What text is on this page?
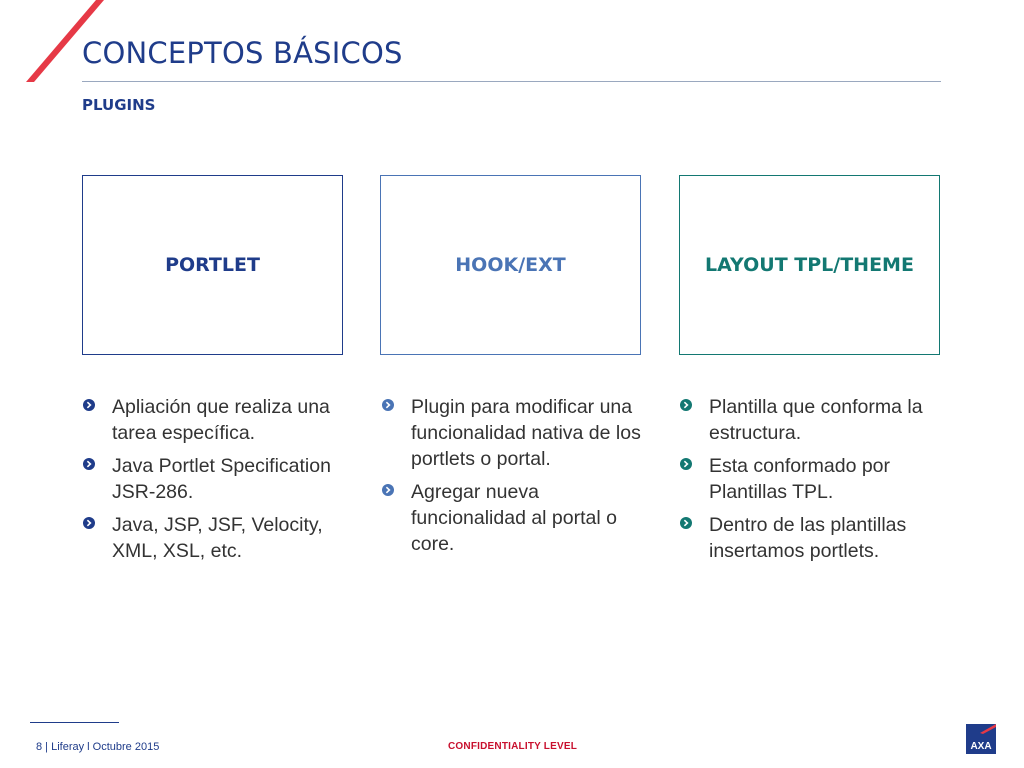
CONCEPTOS BÁSICOS
PLUGINS
PORTLET	HOOK/EXT	LAYOUT TPL/THEME
Apliación que realiza una tarea específica.
Java Portlet Specification JSR-286.
Java, JSP, JSF, Velocity, XML, XSL, etc.
Plugin para modificar una funcionalidad nativa de los portlets o portal.
Agregar nueva funcionalidad al portal o core.
Plantilla que conforma la estructura.
Esta conformado por Plantillas TPL.
Dentro de las plantillas insertamos portlets.
8 | Liferay l Octubre 2015	CONFIDENTIALITY LEVEL	AXA
